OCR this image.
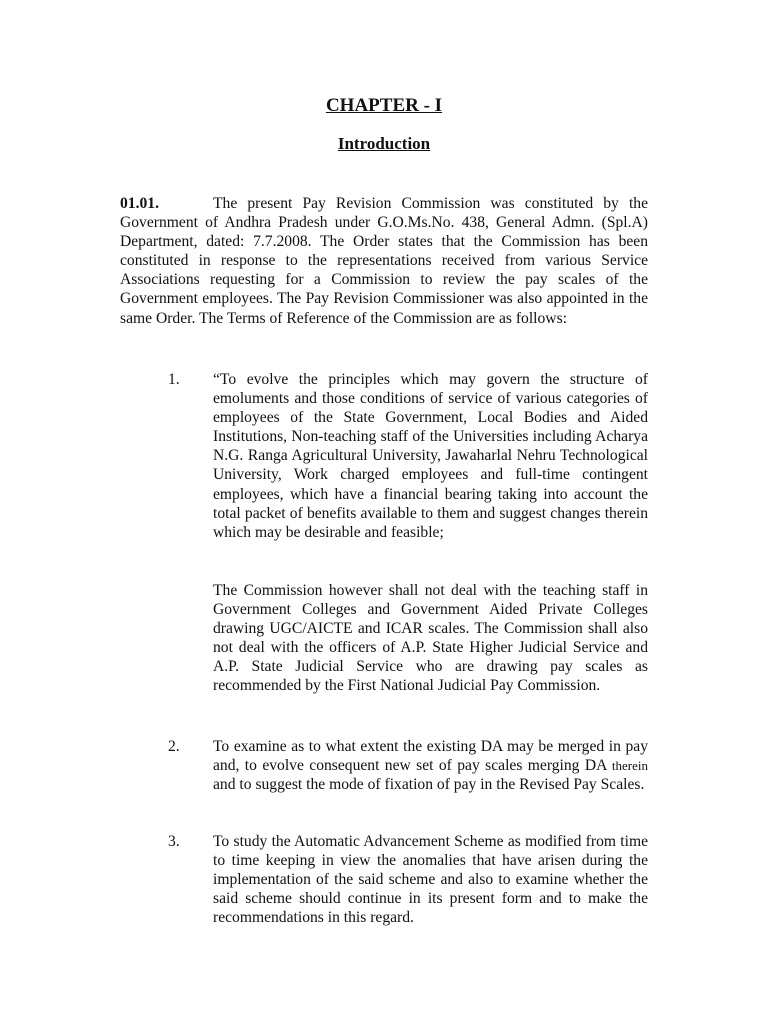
CHAPTER - I
Introduction
01.01.	The present Pay Revision Commission was constituted by the Government of Andhra Pradesh under G.O.Ms.No. 438, General Admn. (Spl.A) Department, dated: 7.7.2008. The Order states that the Commission has been constituted in response to the representations received from various Service Associations requesting for a Commission to review the pay scales of the Government employees. The Pay Revision Commissioner was also appointed in the same Order. The Terms of Reference of the Commission are as follows:
1.	“To evolve the principles which may govern the structure of emoluments and those conditions of service of various categories of employees of the State Government, Local Bodies and Aided Institutions, Non-teaching staff of the Universities including Acharya N.G. Ranga Agricultural University, Jawaharlal Nehru Technological University, Work charged employees and full-time contingent employees, which have a financial bearing taking into account the total packet of benefits available to them and suggest changes therein which may be desirable and feasible;
The Commission however shall not deal with the teaching staff in Government Colleges and Government Aided Private Colleges drawing UGC/AICTE and ICAR scales. The Commission shall also not deal with the officers of A.P. State Higher Judicial Service and A.P. State Judicial Service who are drawing pay scales as recommended by the First National Judicial Pay Commission.
2.	To examine as to what extent the existing DA may be merged in pay and, to evolve consequent new set of pay scales merging DA therein and to suggest the mode of fixation of pay in the Revised Pay Scales.
3.	To study the Automatic Advancement Scheme as modified from time to time keeping in view the anomalies that have arisen during the implementation of the said scheme and also to examine whether the said scheme should continue in its present form and to make the recommendations in this regard.
